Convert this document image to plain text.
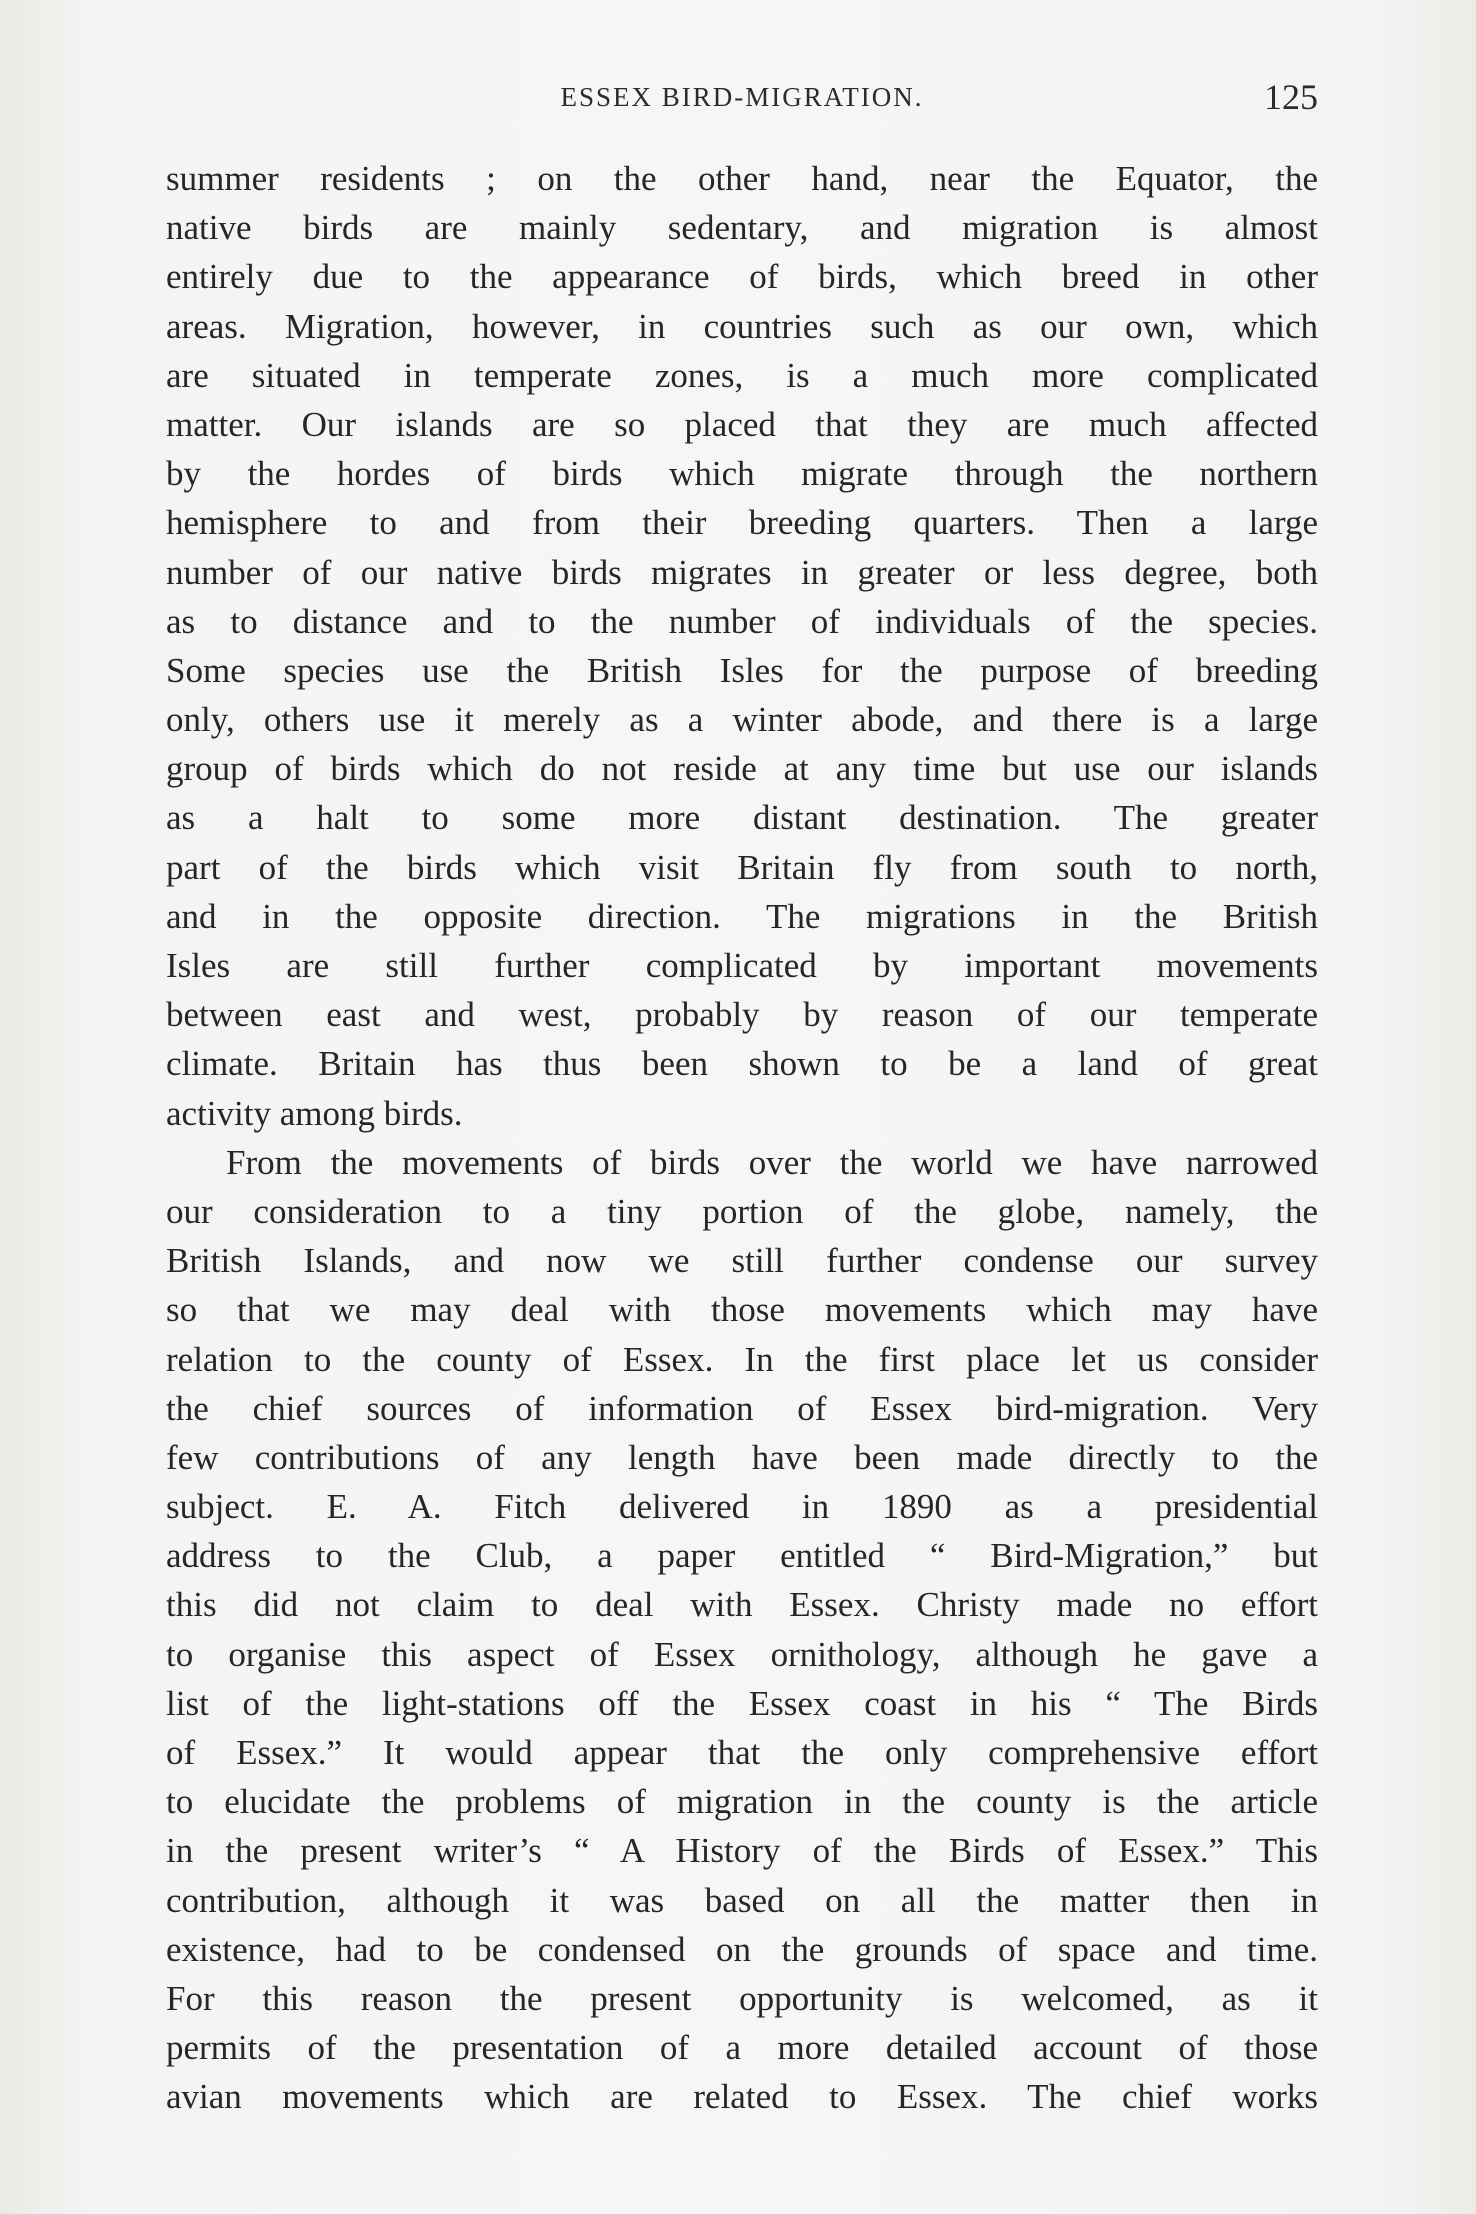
ESSEX BIRD-MIGRATION.	125
summer residents ; on the other hand, near the Equator, the
native birds are mainly sedentary, and migration is almost
entirely due to the appearance of birds, which breed in other
areas. Migration, however, in countries such as our own, which
are situated in temperate zones, is a much more complicated
matter. Our islands are so placed that they are much affected
by the hordes of birds which migrate through the northern
hemisphere to and from their breeding quarters. Then a large
number of our native birds migrates in greater or less degree, both
as to distance and to the number of individuals of the species.
Some species use the British Isles for the purpose of breeding
only, others use it merely as a winter abode, and there is a large
group of birds which do not reside at any time but use our islands
as a halt to some more distant destination. The greater
part of the birds which visit Britain fly from south to north,
and in the opposite direction. The migrations in the British
Isles are still further complicated by important movements
between east and west, probably by reason of our temperate
climate. Britain has thus been shown to be a land of great
activity among birds.
From the movements of birds over the world we have narrowed
our consideration to a tiny portion of the globe, namely, the
British Islands, and now we still further condense our survey
so that we may deal with those movements which may have
relation to the county of Essex. In the first place let us consider
the chief sources of information of Essex bird-migration. Very
few contributions of any length have been made directly to the
subject. E. A. Fitch delivered in 1890 as a presidential
address to the Club, a paper entitled “ Bird-Migration,” but
this did not claim to deal with Essex. Christy made no effort
to organise this aspect of Essex ornithology, although he gave a
list of the light-stations off the Essex coast in his “ The Birds
of Essex.” It would appear that the only comprehensive effort
to elucidate the problems of migration in the county is the article
in the present writer’s “ A History of the Birds of Essex.” This
contribution, although it was based on all the matter then in
existence, had to be condensed on the grounds of space and time.
For this reason the present opportunity is welcomed, as it
permits of the presentation of a more detailed account of those
avian movements which are related to Essex. The chief works
